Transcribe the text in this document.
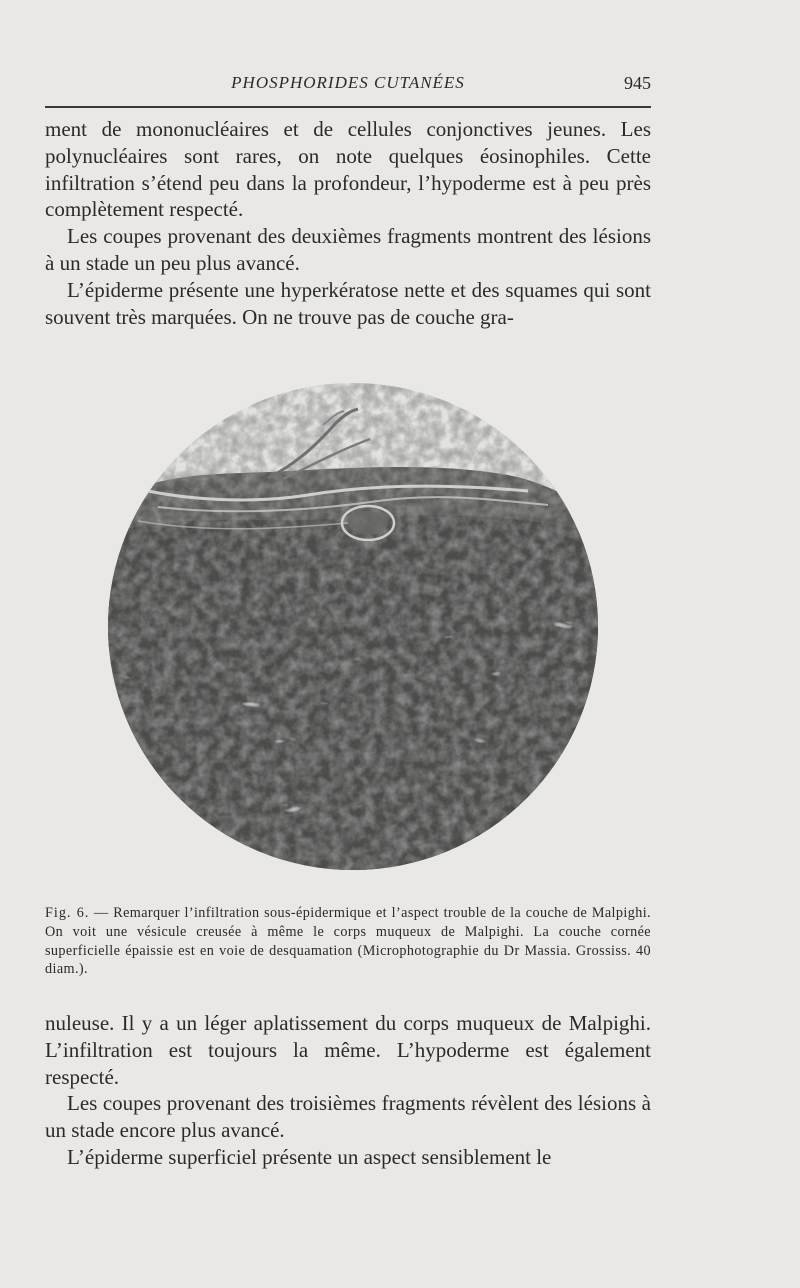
PHOSPHORIDES CUTANÉES	945

ment de mononucléaires et de cellules conjonctives jeunes. Les polynucléaires sont rares, on note quelques éosinophiles. Cette infiltration s’étend peu dans la profondeur, l’hypoderme est à peu près complètement respecté.

Les coupes provenant des deuxièmes fragments montrent des lésions à un stade un peu plus avancé.

L’épiderme présente une hyperkératose nette et des squames qui sont souvent très marquées. On ne trouve pas de couche gra-

Fig. 6. — Remarquer l’infiltration sous-épidermique et l’aspect trouble de la couche de Malpighi. On voit une vésicule creusée à même le corps muqueux de Malpighi. La couche cornée superficielle épaissie est en voie de desquamation (Microphotographie du Dr Massia. Grossiss. 40 diam.).

nuleuse. Il y a un léger aplatissement du corps muqueux de Malpighi. L’infiltration est toujours la même. L’hypoderme est également respecté.

Les coupes provenant des troisièmes fragments révèlent des lésions à un stade encore plus avancé.

L’épiderme superficiel présente un aspect sensiblement le
